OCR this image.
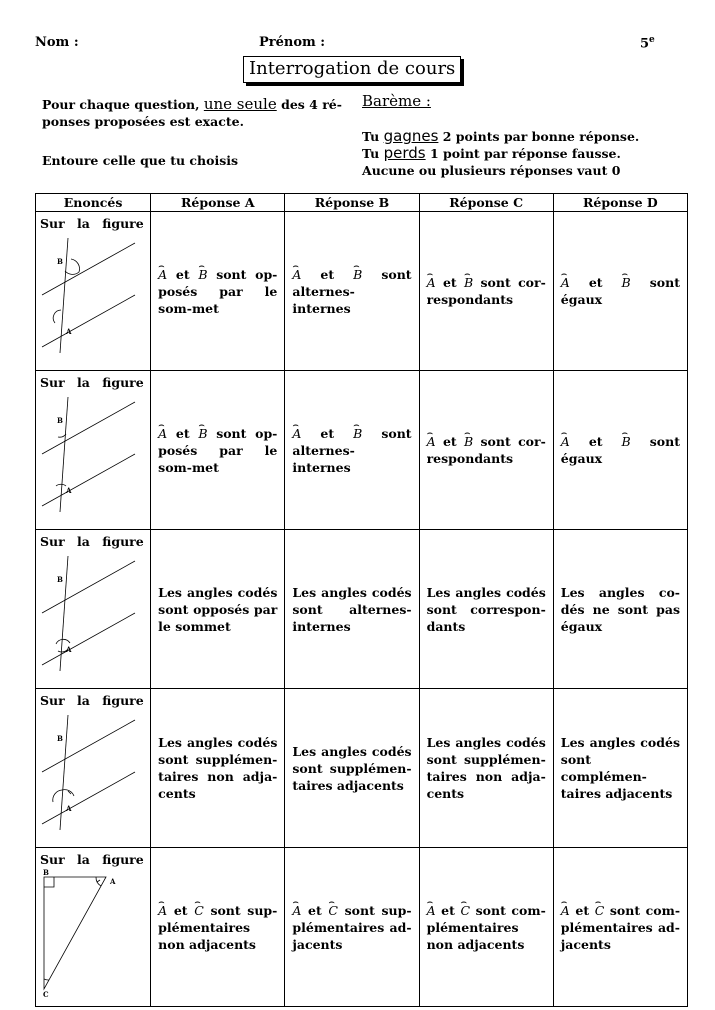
Nom :	Prénom :	5e
Interrogation de cours

Pour chaque question, une seule des 4 ré-

ponses proposées est exacte.

Entoure celle que tu choisis

Barème :

Tu gagnes 2 points par bonne réponse.

Tu perds 1 point par réponse fausse.

Aucune ou plusieurs réponses vaut 0

Enoncés	Réponse A	Réponse B	Réponse C	Réponse D

Sur la figure
B
A	⌢ A et ⌢ B sont op-posés par le som-met	⌢ A et ⌢ B sont alternes-internes	⌢ A et ⌢ B sont cor-respondants	⌢ A et ⌢ B sont égaux

Sur la figure
B
A	⌢ A et ⌢ B sont op-posés par le som-met	⌢ A et ⌢ B sont alternes-internes	⌢ A et ⌢ B sont cor-respondants	⌢ A et ⌢ B sont égaux

Sur la figure
B
A	Les angles codés sont opposés par le sommet	Les angles codés sont alternes-internes	Les angles codés sont correspon-dants	Les angles co-dés ne sont pas égaux

Sur la figure
B
A	Les angles codés sont supplémen-taires non adja-cents	Les angles codés sont supplémen-taires adjacents	Les angles codés sont supplémen-taires non adja-cents	Les angles codés sont complémen-taires adjacents

Sur la figure
B
A
C	⌢ A et ⌢ C sont sup-plémentaires non adjacents	⌢ A et ⌢ C sont sup-plémentaires ad-jacents	⌢ A et ⌢ C sont com-plémentaires non adjacents	⌢ A et ⌢ C sont com-plémentaires ad-jacents
